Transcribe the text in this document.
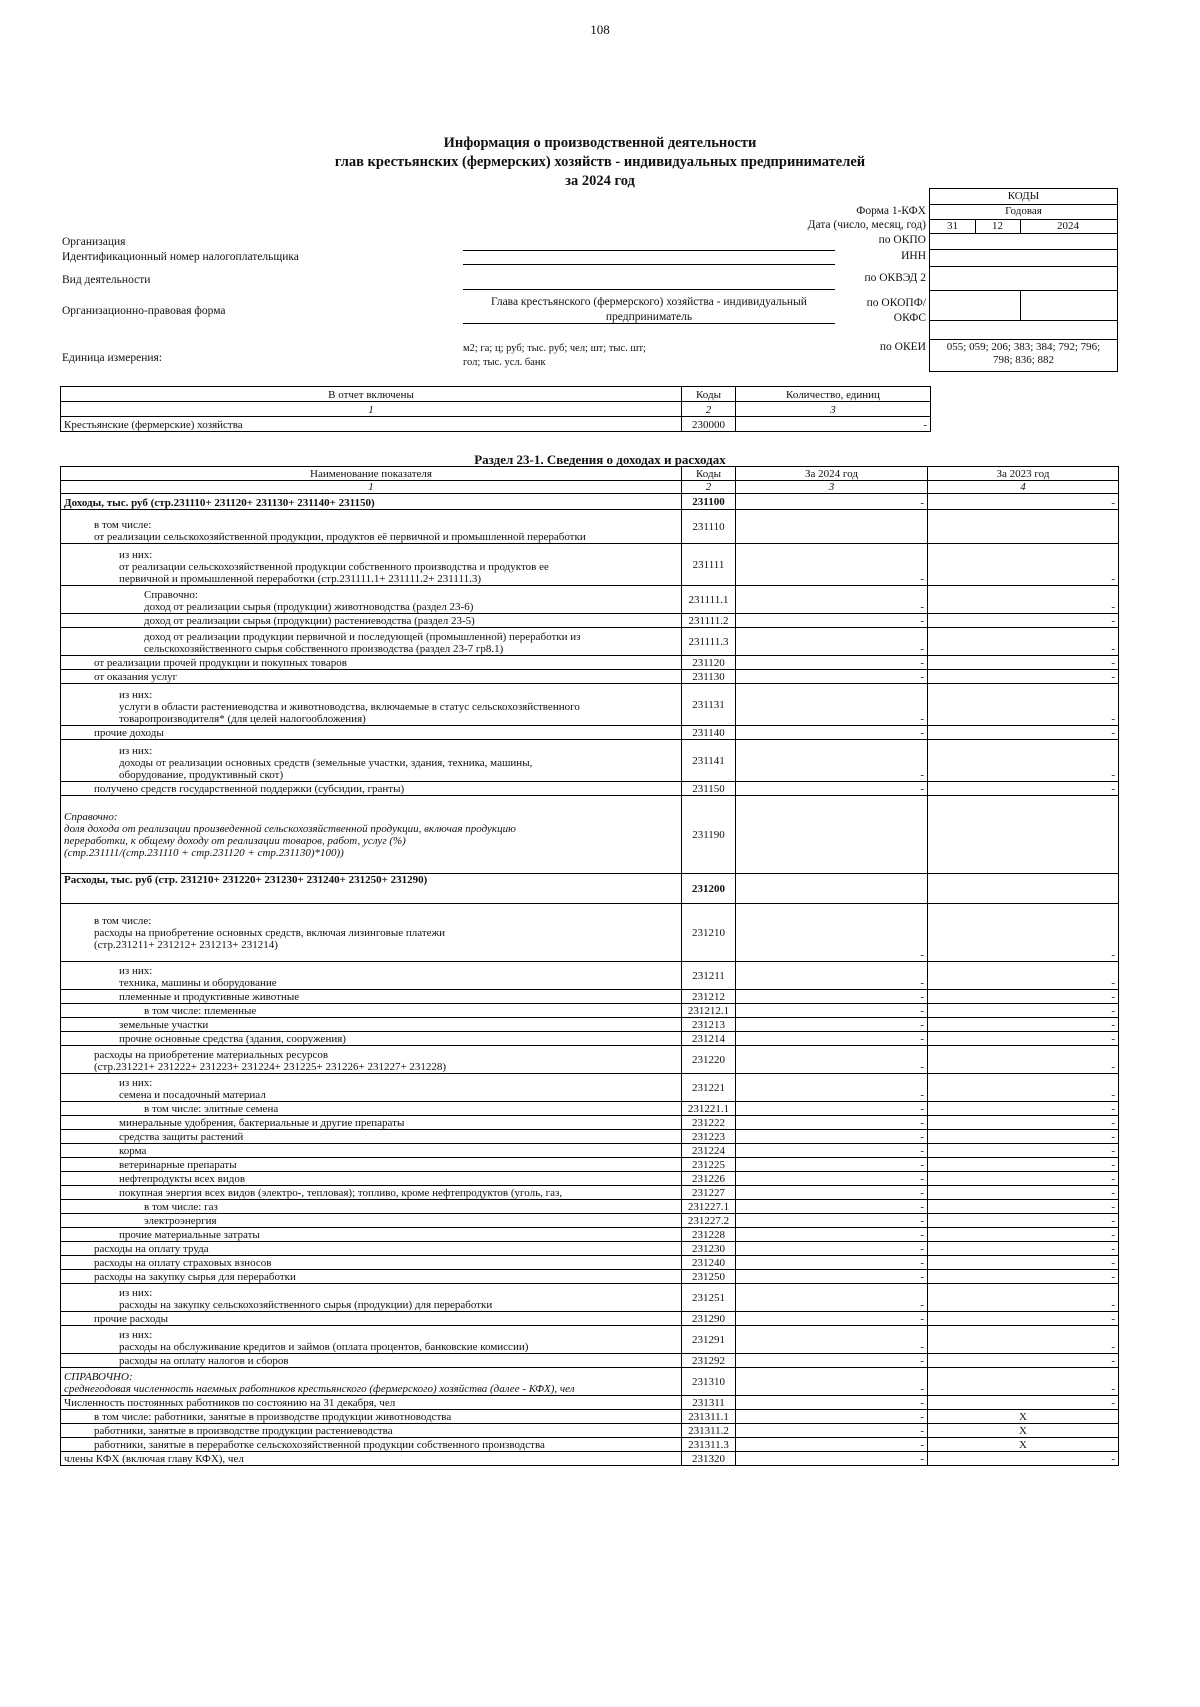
108
Информация о производственной деятельности
глав крестьянских (фермерских) хозяйств - индивидуальных предпринимателей
за 2024 год
КОДЫ
Годовая
31	12	2024
055; 059; 206; 383; 384; 792; 796;
798; 836; 882
Форма 1-КФХ
Дата (число, месяц, год)
по ОКПО
ИНН
по ОКВЭД 2
по ОКОПФ/
ОКФС
по ОКЕИ
Организация
Идентификационный номер налогоплательщика
Вид деятельности
Организационно-правовая форма
Глава крестьянского (фермерского) хозяйства - индивидуальный
предприниматель
Единица измерения:
м2; га; ц; руб; тыс. руб; чел; шт; тыс. шт;
гол; тыс. усл. банк
В отчет включены	Коды	Количество, единиц
1	2	3
Крестьянские (фермерские) хозяйства	230000	-
Раздел 23-1. Сведения о доходах и расходах
Наименование показателя	Коды	За 2024 год	За 2023 год
1	2	3	4
Доходы, тыс. руб (стр.231110+ 231120+ 231130+ 231140+ 231150)	231100	-	-
в том числе:
от реализации сельскохозяйственной продукции, продуктов её первичной и промышленной переработки	231110		
из них:
от реализации сельскохозяйственной продукции собственного производства и продуктов ее
первичной и промышленной переработки (стр.231111.1+ 231111.2+ 231111.3)	231111	-	-
Справочно:
доход от реализации сырья (продукции) животноводства (раздел 23-6)	231111.1	-	-
доход от реализации сырья (продукции) растениеводства (раздел 23-5)	231111.2	-	-
доход от реализации продукции первичной и последующей (промышленной) переработки из
сельскохозяйственного сырья собственного производства (раздел 23-7 гр8.1)	231111.3	-	-
от реализации прочей продукции и покупных товаров	231120	-	-
от оказания услуг	231130	-	-
из них:
услуги в области растениеводства и животноводства, включаемые в статус сельскохозяйственного
товаропроизводителя* (для целей налогообложения)	231131	-	-
прочие доходы	231140	-	-
из них:
доходы от реализации основных средств (земельные участки, здания, техника, машины,
оборудование, продуктивный скот)	231141	-	-
получено средств государственной поддержки (субсидии, гранты)	231150	-	-
Справочно:
доля дохода от реализации произведенной сельскохозяйственной продукции, включая продукцию
переработки, к общему доходу от реализации товаров, работ, услуг (%)
(стр.231111/(стр.231110 + стр.231120 + стр.231130)*100))	231190		
Расходы, тыс. руб (стр. 231210+ 231220+ 231230+ 231240+ 231250+ 231290)	231200		
в том числе:
расходы на приобретение основных средств, включая лизинговые платежи
(стр.231211+ 231212+ 231213+ 231214)	231210	-	-
из них:
техника, машины и оборудование	231211	-	-
племенные и продуктивные животные	231212	-	-
в том числе: племенные	231212.1	-	-
земельные участки	231213	-	-
прочие основные средства (здания, сооружения)	231214	-	-
расходы на приобретение материальных ресурсов
(стр.231221+ 231222+ 231223+ 231224+ 231225+ 231226+ 231227+ 231228)	231220	-	-
из них:
семена и посадочный материал	231221	-	-
в том числе: элитные семена	231221.1	-	-
минеральные удобрения, бактериальные и другие препараты	231222	-	-
средства защиты растений	231223	-	-
корма	231224	-	-
ветеринарные препараты	231225	-	-
нефтепродукты всех видов	231226	-	-
покупная энергия всех видов (электро-, тепловая); топливо, кроме нефтепродуктов (уголь, газ,	231227	-	-
в том числе: газ	231227.1	-	-
электроэнергия	231227.2	-	-
прочие материальные затраты	231228	-	-
расходы на оплату труда	231230	-	-
расходы на оплату страховых взносов	231240	-	-
расходы на закупку сырья для переработки	231250	-	-
из них:
расходы на закупку сельскохозяйственного сырья (продукции) для переработки	231251	-	-
прочие расходы	231290	-	-
из них:
расходы на обслуживание кредитов и займов (оплата процентов, банковские комиссии)	231291	-	-
расходы на оплату налогов и сборов	231292	-	-
СПРАВОЧНО:
среднегодовая численность наемных работников крестьянского (фермерского) хозяйства (далее - КФХ), чел	231310	-	-
Численность постоянных работников по состоянию на 31 декабря, чел	231311	-	-
в том числе: работники, занятые в производстве продукции животноводства	231311.1	-	X
работники, занятые в производстве продукции растениеводства	231311.2	-	X
работники, занятые в переработке сельскохозяйственной продукции собственного производства	231311.3	-	X
члены КФХ (включая главу КФХ), чел	231320	-	-
